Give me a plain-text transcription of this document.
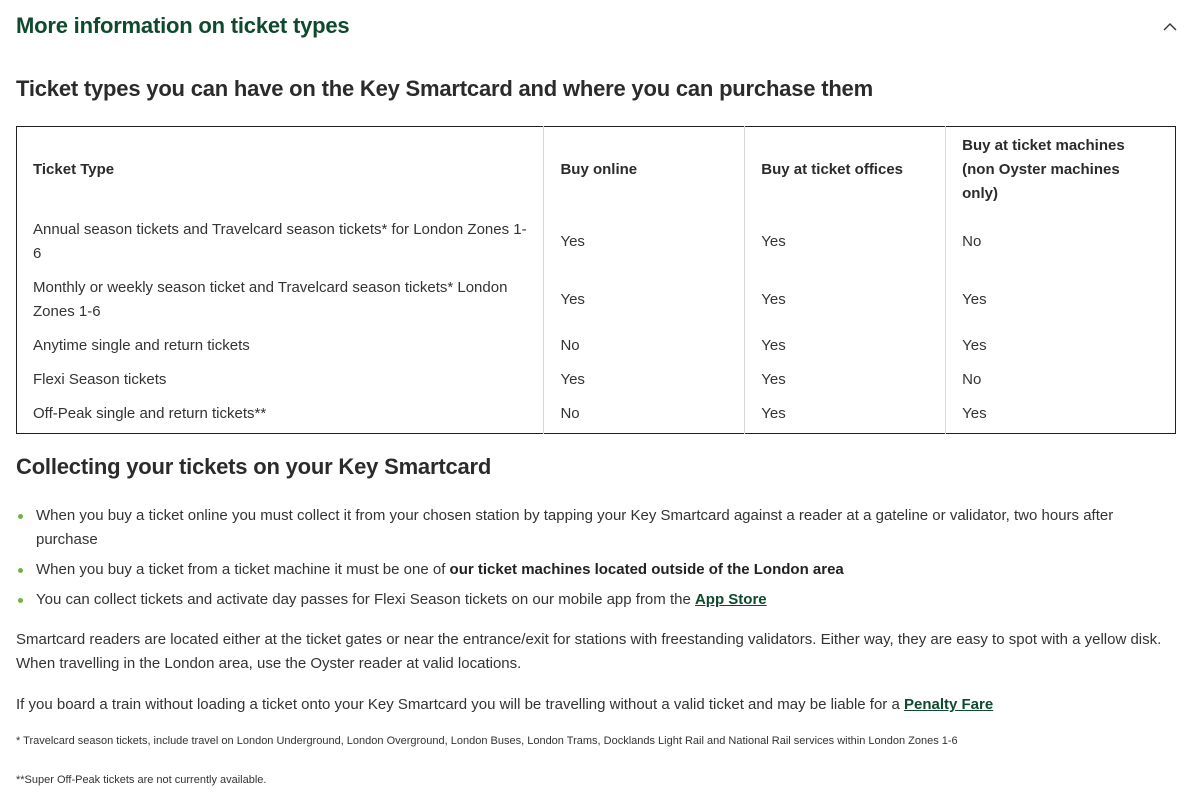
More information on ticket types
Ticket types you can have on the Key Smartcard and where you can purchase them
Ticket Type	Buy online	Buy at ticket offices	Buy at ticket machines (non Oyster machines only)
Annual season tickets and Travelcard season tickets* for London Zones 1-6	Yes	Yes	No
Monthly or weekly season ticket and Travelcard season tickets* London Zones 1-6	Yes	Yes	Yes
Anytime single and return tickets	No	Yes	Yes
Flexi Season tickets	Yes	Yes	No
Off-Peak single and return tickets**	No	Yes	Yes
Collecting your tickets on your Key Smartcard
When you buy a ticket online you must collect it from your chosen station by tapping your Key Smartcard against a reader at a gateline or validator, two hours after purchase
When you buy a ticket from a ticket machine it must be one of our ticket machines located outside of the London area
You can collect tickets and activate day passes for Flexi Season tickets on our mobile app from the App Store

Smartcard readers are located either at the ticket gates or near the entrance/exit for stations with freestanding validators. Either way, they are easy to spot with a yellow disk. When travelling in the London area, use the Oyster reader at valid locations.

If you board a train without loading a ticket onto your Key Smartcard you will be travelling without a valid ticket and may be liable for a Penalty Fare

* Travelcard season tickets, include travel on London Underground, London Overground, London Buses, London Trams, Docklands Light Rail and National Rail services within London Zones 1-6

**Super Off-Peak tickets are not currently available.
